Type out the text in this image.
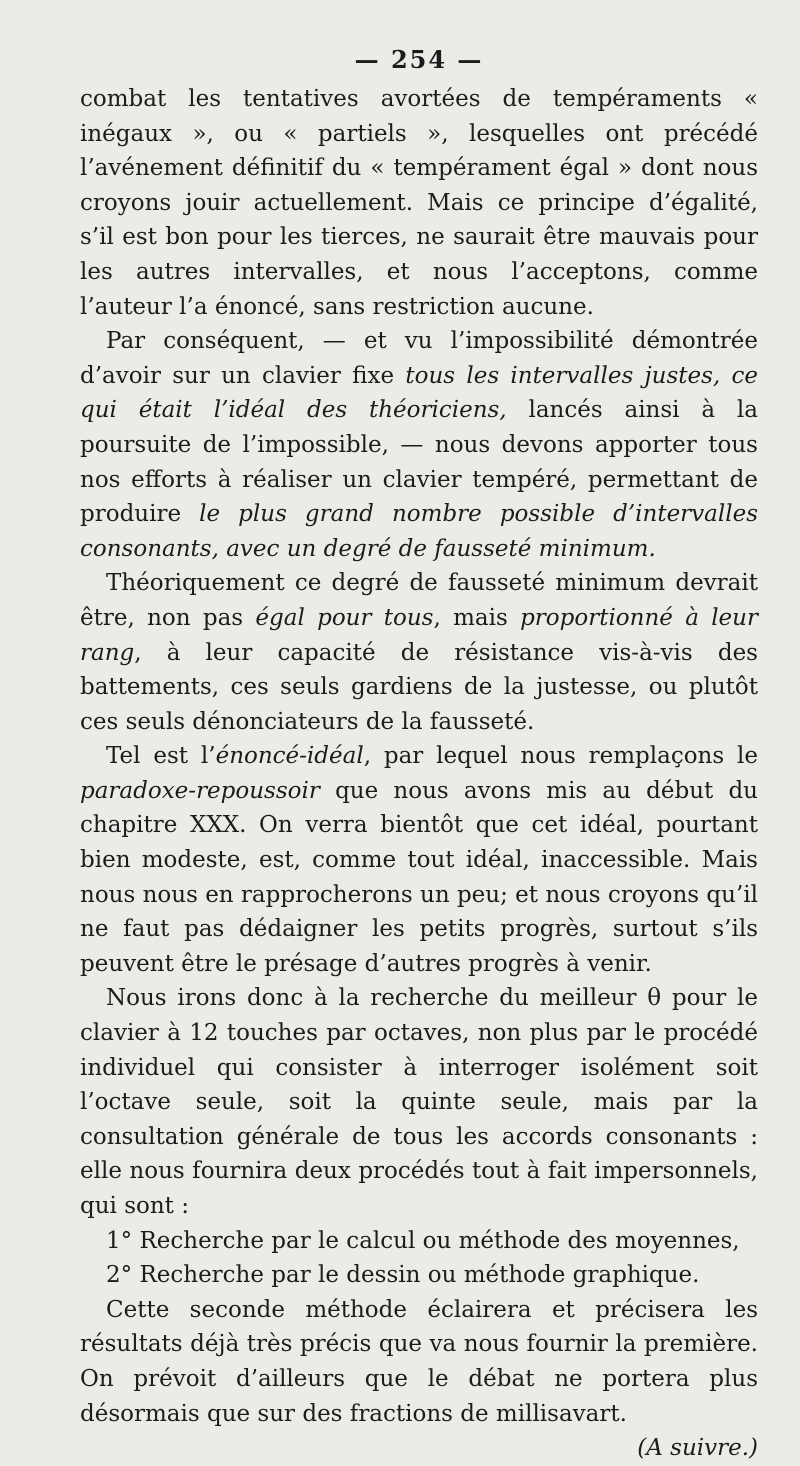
— 254 —

combat les tentatives avortées de tempéraments « inégaux », ou « partiels », lesquelles ont précédé l’avénement définitif du « tempérament égal » dont nous croyons jouir actuellement. Mais ce principe d’égalité, s’il est bon pour les tierces, ne saurait être mauvais pour les autres intervalles, et nous l’acceptons, comme l’auteur l’a énoncé, sans restriction aucune.

Par conséquent, — et vu l’impossibilité démontrée d’avoir sur un clavier fixe tous les intervalles justes, ce qui était l’idéal des théoriciens, lancés ainsi à la poursuite de l’impossible, — nous devons apporter tous nos efforts à réaliser un clavier tempéré, permettant de produire le plus grand nombre possible d’intervalles consonants, avec un degré de fausseté minimum.

Théoriquement ce degré de fausseté minimum devrait être, non pas égal pour tous, mais proportionné à leur rang, à leur capacité de résistance vis-à-vis des battements, ces seuls gardiens de la justesse, ou plutôt ces seuls dénonciateurs de la fausseté.

Tel est l’énoncé-idéal, par lequel nous remplaçons le paradoxe-repoussoir que nous avons mis au début du chapitre XXX. On verra bientôt que cet idéal, pourtant bien modeste, est, comme tout idéal, inaccessible. Mais nous nous en rapprocherons un peu; et nous croyons qu’il ne faut pas dédaigner les petits progrès, surtout s’ils peuvent être le présage d’autres progrès à venir.

Nous irons donc à la recherche du meilleur θ pour le clavier à 12 touches par octaves, non plus par le procédé individuel qui consister à interroger isolément soit l’octave seule, soit la quinte seule, mais par la consultation générale de tous les accords consonants : elle nous fournira deux procédés tout à fait impersonnels, qui sont :

1° Recherche par le calcul ou méthode des moyennes,

2° Recherche par le dessin ou méthode graphique.

Cette seconde méthode éclairera et précisera les résultats déjà très précis que va nous fournir la première. On prévoit d’ailleurs que le débat ne portera plus désormais que sur des fractions de millisavart.
(A suivre.)
